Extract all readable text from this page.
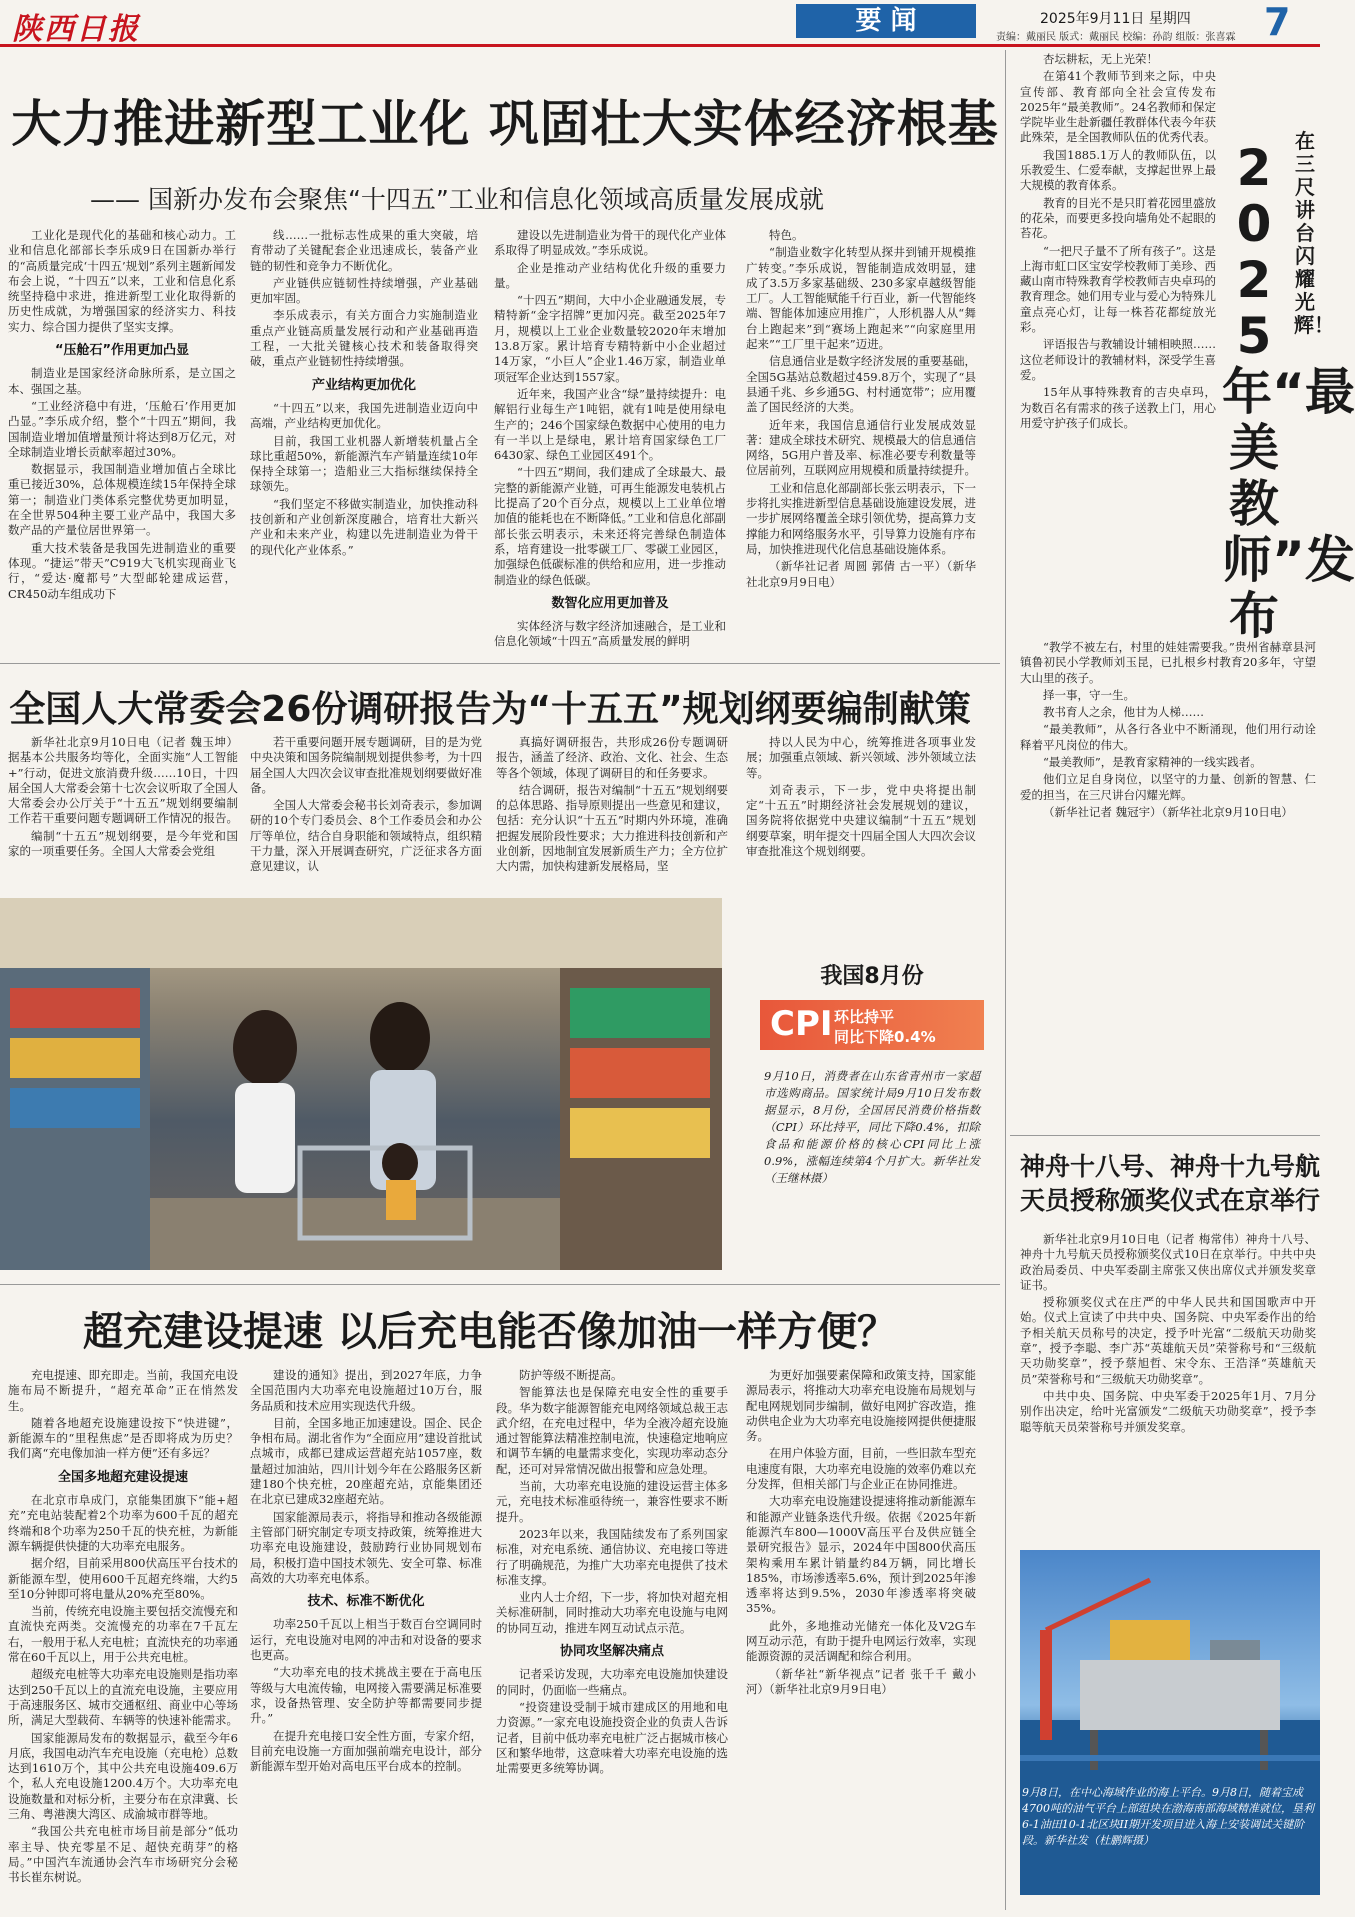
陕西日报	要 闻	2025年9月11日 星期四
责编：戴丽民 版式：戴丽民 校编：孙韵 组版：张喜霖 7
大力推进新型工业化 巩固壮大实体经济根基
—— 国新办发布会聚焦“十四五”工业和信息化领域高质量发展成就

工业化是现代化的基础和核心动力。工业和信息化部部长李乐成9日在国新办举行的“高质量完成‘十四五’规划”系列主题新闻发布会上说，“十四五”以来，工业和信息化系统坚持稳中求进，推进新型工业化取得新的历史性成就，为增强国家的经济实力、科技实力、综合国力提供了坚实支撑。

“压舱石”作用更加凸显

制造业是国家经济命脉所系，是立国之本、强国之基。

“工业经济稳中有进，‘压舱石’作用更加凸显。”李乐成介绍，整个“十四五”期间，我国制造业增加值增量预计将达到8万亿元，对全球制造业增长贡献率超过30%。

数据显示，我国制造业增加值占全球比重已接近30%，总体规模连续15年保持全球第一；制造业门类体系完整优势更加明显，在全世界504种主要工业产品中，我国大多数产品的产量位居世界第一。

重大技术装备是我国先进制造业的重要体现。“捷运”带天”C919大飞机实现商业飞行，“爱达·魔都号”大型邮轮建成运营，CR450动车组成功下

线……一批标志性成果的重大突破，培育带动了关键配套企业迅速成长，装备产业链的韧性和竞争力不断优化。

产业链供应链韧性持续增强，产业基础更加牢固。

李乐成表示，有关方面合力实施制造业重点产业链高质量发展行动和产业基础再造工程，一大批关键核心技术和装备取得突破，重点产业链韧性持续增强。

产业结构更加优化

“十四五”以来，我国先进制造业迈向中高端，产业结构更加优化。

目前，我国工业机器人新增装机量占全球比重超50%，新能源汽车产销量连续10年保持全球第一；造船业三大指标继续保持全球领先。

“我们坚定不移做实制造业，加快推动科技创新和产业创新深度融合，培育壮大新兴产业和未来产业，构建以先进制造业为骨干的现代化产业体系。”

建设以先进制造业为骨干的现代化产业体系取得了明显成效。”李乐成说。

企业是推动产业结构优化升级的重要力量。

“十四五”期间，大中小企业融通发展，专精特新“金字招牌”更加闪亮。截至2025年7月，规模以上工业企业数量较2020年末增加13.8万家。累计培育专精特新中小企业超过14万家，“小巨人”企业1.46万家，制造业单项冠军企业达到1557家。

近年来，我国产业含“绿”量持续提升：电解铝行业每生产1吨铝，就有1吨是使用绿电生产的；246个国家绿色数据中心使用的电力有一半以上是绿电，累计培育国家绿色工厂6430家、绿色工业园区491个。

“十四五”期间，我们建成了全球最大、最完整的新能源产业链，可再生能源发电装机占比提高了20个百分点，规模以上工业单位增加值的能耗也在不断降低。”工业和信息化部副部长张云明表示，未来还将完善绿色制造体系，培育建设一批零碳工厂、零碳工业园区，加强绿色低碳标准的供给和应用，进一步推动制造业的绿色低碳。

数智化应用更加普及

实体经济与数字经济加速融合，是工业和信息化领域“十四五”高质量发展的鲜明

特色。

“制造业数字化转型从探井到铺开规模推广转变。”李乐成说，智能制造成效明显，建成了3.5万多家基础级、230多家卓越级智能工厂。人工智能赋能千行百业，新一代智能终端、智能体加速应用推广，人形机器人从“舞台上跑起来”到“赛场上跑起来”“向家庭里用起来”“工厂里干起来”迈进。

信息通信业是数字经济发展的重要基础，全国5G基站总数超过459.8万个，实现了“县县通千兆、乡乡通5G、村村通宽带”；应用覆盖了国民经济的大类。

近年来，我国信息通信行业发展成效显著：建成全球技术研究、规模最大的信息通信网络，5G用户普及率、标准必要专利数量等位居前列，互联网应用规模和质量持续提升。

工业和信息化部副部长张云明表示，下一步将扎实推进新型信息基础设施建设发展，进一步扩展网络覆盖全球引领优势，提高算力支撑能力和网络服务水平，引导算力设施有序布局，加快推进现代化信息基础设施体系。

（新华社记者 周圆 郭倩 古一平）（新华社北京9月9日电）

全国人大常委会26份调研报告为“十五五”规划纲要编制献策

新华社北京9月10日电（记者 魏玉坤）据基本公共服务均等化，全面实施“人工智能+”行动，促进文旅消费升级……10日，十四届全国人大常委会第十七次会议听取了全国人大常委会办公厅关于“十五五”规划纲要编制工作若干重要问题专题调研工作情况的报告。

编制“十五五”规划纲要，是今年党和国家的一项重要任务。全国人大常委会党组

若干重要问题开展专题调研，目的是为党中央决策和国务院编制规划提供参考，为十四届全国人大四次会议审查批准规划纲要做好准备。

全国人大常委会秘书长刘奇表示，参加调研的10个专门委员会、8个工作委员会和办公厅等单位，结合自身职能和领域特点，组织精干力量，深入开展调查研究，广泛征求各方面意见建议，认

真搞好调研报告，共形成26份专题调研报告，涵盖了经济、政治、文化、社会、生态等各个领域，体现了调研目的和任务要求。

结合调研，报告对编制“十五五”规划纲要的总体思路、指导原则提出一些意见和建议，包括：充分认识“十五五”时期内外环境，准确把握发展阶段性要求；大力推进科技创新和产业创新，因地制宜发展新质生产力；全方位扩大内需，加快构建新发展格局，坚

持以人民为中心，统筹推进各项事业发展；加强重点领域、新兴领域、涉外领域立法等。

刘奇表示，下一步，党中央将提出制定“十五五”时期经济社会发展规划的建议，国务院将依据党中央建议编制“十五五”规划纲要草案，明年提交十四届全国人大四次会议审查批准这个规划纲要。

我国8月份
CPI 环比持平
同比下降0.4%
9月10日，消费者在山东省青州市一家超市选购商品。国家统计局9月10日发布数据显示，8月份，全国居民消费价格指数（CPI）环比持平，同比下降0.4%，扣除食品和能源价格的核心CPI同比上涨0.9%，涨幅连续第4个月扩大。新华社发（王继林摄）
超充建设提速 以后充电能否像加油一样方便？

充电提速、即充即走。当前，我国充电设施布局不断提升，“超充革命”正在悄然发生。

随着各地超充设施建设按下“快进键”，新能源车的“里程焦虑”是否即将成为历史？我们离“充电像加油一样方便”还有多远？

全国多地超充建设提速

在北京市阜成门，京能集团旗下“能+超充”充电站装配着2个功率为600千瓦的超充终端和8个功率为250千瓦的快充桩，为新能源车辆提供快捷的大功率充电服务。

据介绍，目前采用800伏高压平台技术的新能源车型，使用600千瓦超充终端，大约5至10分钟即可将电量从20%充至80%。

当前，传统充电设施主要包括交流慢充和直流快充两类。交流慢充的功率在7千瓦左右，一般用于私人充电桩；直流快充的功率通常在60千瓦以上，用于公共充电桩。

超级充电桩等大功率充电设施则是指功率达到250千瓦以上的直流充电设施，主要应用于高速服务区、城市交通枢纽、商业中心等场所，满足大型载荷、车辆等的快速补能需求。

国家能源局发布的数据显示，截至今年6月底，我国电动汽车充电设施（充电枪）总数达到1610万个，其中公共充电设施409.6万个，私人充电设施1200.4万个。大功率充电设施数量和对标分析，主要分布在京津冀、长三角、粤港澳大湾区、成渝城市群等地。

“我国公共充电桩市场目前是部分“低功率主导、快充零星不足、超快充萌芽”的格局。”中国汽车流通协会汽车市场研究分会秘书长崔东树说。

建设的通知》提出，到2027年底，力争全国范围内大功率充电设施超过10万台，服务品质和技术应用实现迭代升级。

目前，全国多地正加速建设。国企、民企争相布局。湖北省作为“全面应用”建设首批试点城市，成都已建成运营超充站1057座，数量超过加油站，四川计划今年在公路服务区新建180个快充桩，20座超充站，京能集团还在北京已建成32座超充站。

国家能源局表示，将指导和推动各级能源主管部门研究制定专项支持政策，统筹推进大功率充电设施建设，鼓励跨行业协同规划布局，积极打造中国技术领先、安全可靠、标准高效的大功率充电体系。

技术、标准不断优化

功率250千瓦以上相当于数百台空调同时运行，充电设施对电网的冲击和对设备的要求也更高。

“大功率充电的技术挑战主要在于高电压等级与大电流传输，电网接入需要满足标准要求，设备热管理、安全防护等都需要同步提升。”

在提升充电接口安全性方面，专家介绍，目前充电设施一方面加强前端充电设计，部分新能源车型开始对高电压平台成本的控制。

防护等级不断提高。

智能算法也是保障充电安全性的重要手段。华为数字能源智能充电网络领域总裁王志武介绍，在充电过程中，华为全液冷超充设施通过智能算法精准控制电流，快速稳定地响应和调节车辆的电量需求变化，实现功率动态分配，还可对异常情况做出报警和应急处理。

当前，大功率充电设施的建设运营主体多元，充电技术标准亟待统一，兼容性要求不断提升。

2023年以来，我国陆续发布了系列国家标准，对充电系统、通信协议、充电接口等进行了明确规范，为推广大功率充电提供了技术标准支撑。

业内人士介绍，下一步，将加快对超充相关标准研制，同时推动大功率充电设施与电网的协同互动，推进车网互动试点示范。

协同攻坚解决痛点

记者采访发现，大功率充电设施加快建设的同时，仍面临一些痛点。

“投资建设受制于城市建成区的用地和电力资源。”一家充电设施投资企业的负责人告诉记者，目前中低功率充电桩广泛占据城市核心区和繁华地带，这意味着大功率充电设施的选址需要更多统筹协调。

为更好加强要素保障和政策支持，国家能源局表示，将推动大功率充电设施布局规划与配电网规划同步编制，做好电网扩容改造，推动供电企业为大功率充电设施接网提供便捷服务。

在用户体验方面，目前，一些旧款车型充电速度有限，大功率充电设施的效率仍难以充分发挥，但相关部门与企业正在协同推进。

大功率充电设施建设提速将推动新能源车和能源产业链条迭代升级。依据《2025年新能源汽车800—1000V高压平台及供应链全景研究报告》显示，2024年中国800伏高压架构乘用车累计销量约84万辆，同比增长185%，市场渗透率5.6%，预计到2025年渗透率将达到9.5%，2030年渗透率将突破35%。

此外，多地推动光储充一体化及V2G车网互动示范，有助于提升电网运行效率，实现能源资源的灵活调配和综合利用。

（新华社“新华视点”记者 张千千 戴小河）（新华社北京9月9日电）

在三尺讲台闪耀光辉！
2025年“最美教师”发布

杏坛耕耘，无上光荣！

在第41个教师节到来之际，中央宣传部、教育部向全社会宣传发布2025年“最美教师”。24名教师和保定学院毕业生赴新疆任教群体代表今年获此殊荣，是全国教师队伍的优秀代表。

我国1885.1万人的教师队伍，以乐教爱生、仁爱奉献，支撑起世界上最大规模的教育体系。

教育的目光不是只盯着花园里盛放的花朵，而要更多投向墙角处不起眼的苔花。

“一把尺子量不了所有孩子”。这是上海市虹口区宝安学校教师丁美珍、西藏山南市特殊教育学校教师吉央卓玛的教育理念。她们用专业与爱心为特殊儿童点亮心灯，让每一株苔花都绽放光彩。

评语报告与教辅设计辅相映照……这位老师设计的教辅材料，深受学生喜爱。

15年从事特殊教育的吉央卓玛，为数百名有需求的孩子送教上门，用心用爱守护孩子们成长。

“教学不被左右，村里的娃娃需要我。”贵州省赫章县河镇鲁初民小学教师刘玉昆，已扎根乡村教育20多年，守望大山里的孩子。

择一事，守一生。

教书育人之余，他甘为人梯……

“最美教师”，从各行各业中不断涌现，他们用行动诠释着平凡岗位的伟大。

“最美教师”，是教育家精神的一线实践者。

他们立足自身岗位，以坚守的力量、创新的智慧、仁爱的担当，在三尺讲台闪耀光辉。

（新华社记者 魏冠宇）（新华社北京9月10日电）

神舟十八号、神舟十九号航天员授称颁奖仪式在京举行

新华社北京9月10日电（记者 梅常伟）神舟十八号、神舟十九号航天员授称颁奖仪式10日在京举行。中共中央政治局委员、中央军委副主席张又侠出席仪式并颁发奖章证书。

授称颁奖仪式在庄严的中华人民共和国国歌声中开始。仪式上宣读了中共中央、国务院、中央军委作出的给予相关航天员称号的决定，授予叶光富“二级航天功勋奖章”，授予李聪、李广苏“英雄航天员”荣誉称号和“三级航天功勋奖章”，授予蔡旭哲、宋令东、王浩泽“英雄航天员”荣誉称号和“三级航天功勋奖章”。

中共中央、国务院、中央军委于2025年1月、7月分别作出决定，给叶光富颁发“二级航天功勋奖章”，授予李聪等航天员荣誉称号并颁发奖章。

9月8日，在中心海域作业的海上平台。9月8日，随着宝成4700吨的油气平台上部组块在渤海南部海域精准就位，垦利6-1油田10-1北区块II期开发项目进入海上安装调试关键阶段。新华社发（杜鹏辉摄）
